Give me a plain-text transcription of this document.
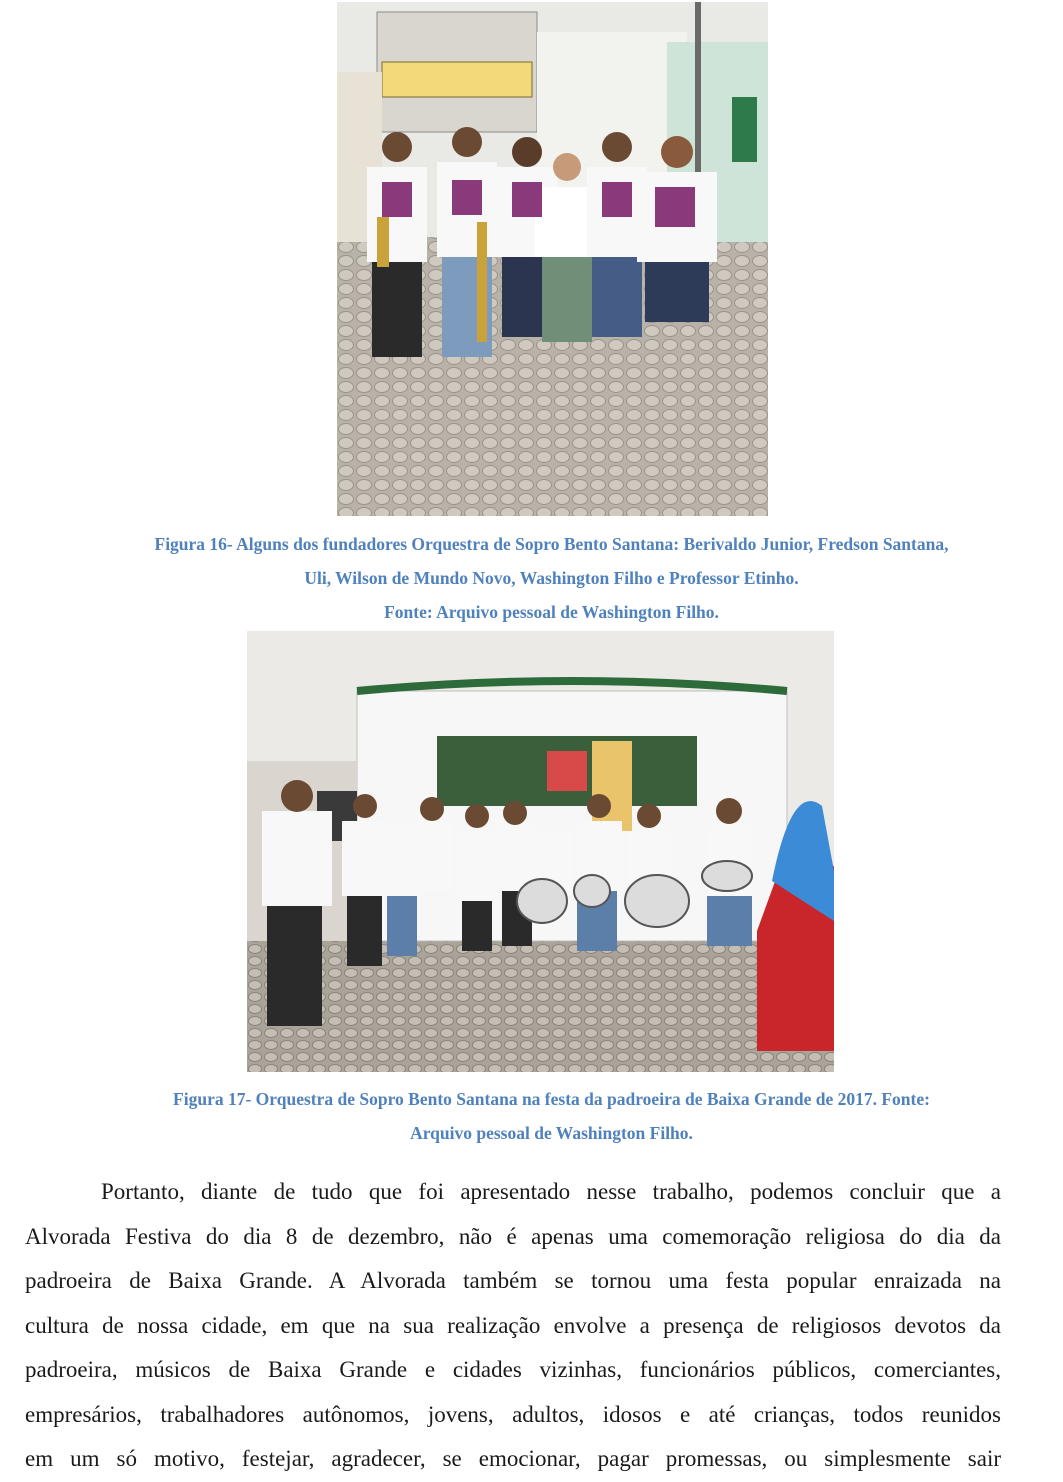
Figura 16- Alguns dos fundadores Orquestra de Sopro Bento Santana: Berivaldo Junior, Fredson Santana,
Uli, Wilson de Mundo Novo, Washington Filho e Professor Etinho.
Fonte: Arquivo pessoal de Washington Filho.
Figura 17- Orquestra de Sopro Bento Santana na festa da padroeira de Baixa Grande de 2017. Fonte:
Arquivo pessoal de Washington Filho.
Portanto, diante de tudo que foi apresentado nesse trabalho, podemos concluir que a
Alvorada Festiva do dia 8 de dezembro, não é apenas uma comemoração religiosa do dia da
padroeira de Baixa Grande. A Alvorada também se tornou uma festa popular enraizada na
cultura de nossa cidade, em que na sua realização envolve a presença de religiosos devotos da
padroeira, músicos de Baixa Grande e cidades vizinhas, funcionários públicos, comerciantes,
empresários, trabalhadores autônomos, jovens, adultos, idosos e até crianças, todos reunidos
em um só motivo, festejar, agradecer, se emocionar, pagar promessas, ou simplesmente sair
